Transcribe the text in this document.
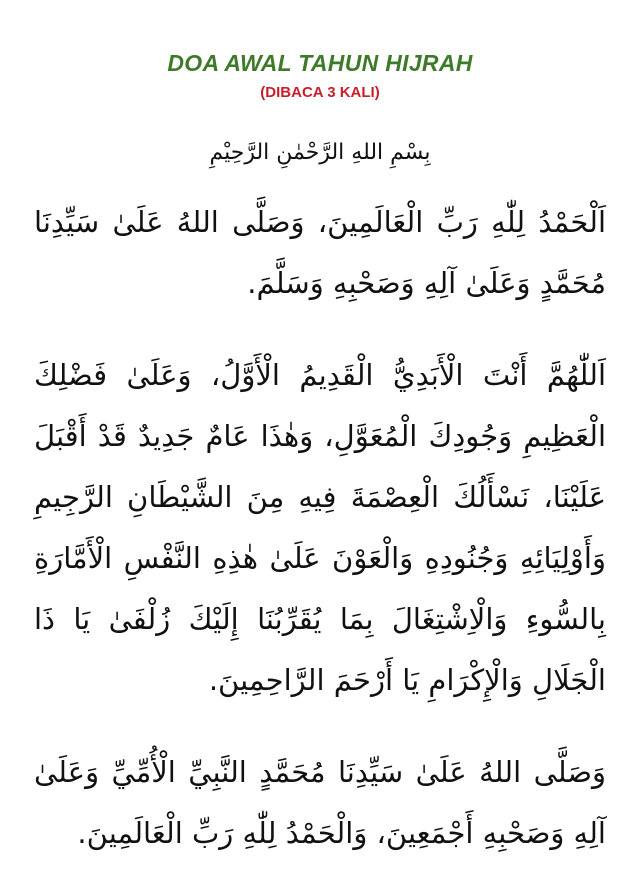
DOA AWAL TAHUN HIJRAH
(DIBACA 3 KALI)
بِسْمِ اللهِ الرَّحْمٰنِ الرَّحِيْمِ
اَلْحَمْدُ لِلّٰهِ رَبِّ الْعَالَمِينَ، وَصَلَّى اللهُ عَلَىٰ سَيِّدِنَا مُحَمَّدٍ وَعَلَىٰ آلِهِ وَصَحْبِهِ وَسَلَّمَ.
اَللّٰهُمَّ أَنْتَ الْأَبَدِيُّ الْقَدِيمُ الْأَوَّلُ، وَعَلَىٰ فَضْلِكَ الْعَظِيمِ وَجُودِكَ الْمُعَوَّلِ، وَهٰذَا عَامٌ جَدِيدٌ قَدْ أَقْبَلَ عَلَيْنَا، نَسْأَلُكَ الْعِصْمَةَ فِيهِ مِنَ الشَّيْطَانِ الرَّجِيمِ وَأَوْلِيَائِهِ وَجُنُودِهِ وَالْعَوْنَ عَلَىٰ هٰذِهِ النَّفْسِ الْأَمَّارَةِ بِالسُّوءِ وَالْاِشْتِغَالَ بِمَا يُقَرِّبُنَا إِلَيْكَ زُلْفَىٰ يَا ذَا الْجَلَالِ وَالْإِكْرَامِ يَا أَرْحَمَ الرَّاحِمِينَ.
وَصَلَّى اللهُ عَلَىٰ سَيِّدِنَا مُحَمَّدٍ النَّبِيِّ الْأُمِّيِّ وَعَلَىٰ آلِهِ وَصَحْبِهِ أَجْمَعِينَ، وَالْحَمْدُ لِلّٰهِ رَبِّ الْعَالَمِينَ.
